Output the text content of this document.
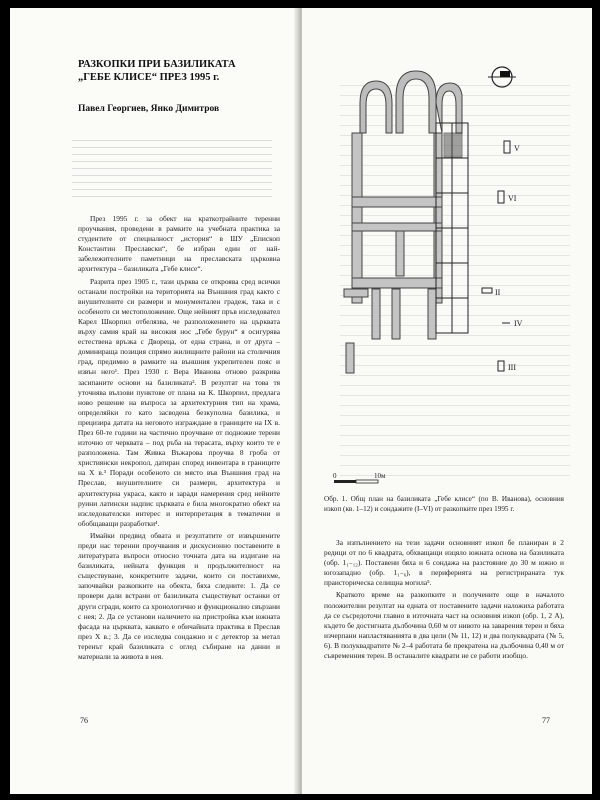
РАЗКОПКИ ПРИ БАЗИЛИКАТА
„ГЕБЕ КЛИСЕ“ ПРЕЗ 1995 г.
Павел Георгиев, Янко Димитров

През 1995 г. за обект на краткотрайните теренни проучвания, проведени в рамките на учебната практика за студентите от специалност „история“ в ШУ „Епископ Константин Преславски“, бе избран един от най-забележителните паметници на преславската църковна архитектура – базиликата „Гебе клисе“.

Разрита през 1905 г., тази църква се откроява сред всички останали постройки на територията на Външния град както с внушителните си размери и монументален градеж, така и с особеното си местоположение. Още нейният пръв изследовател Карел Шкорпил отбелязва, че разположението на църквата върху самия край на високия нос „Гебе бурун“ я осигурява естествена връзка с Двореца, от една страна, и от друга – доминираща позиция спрямо жилищните райони на столичния град, предимно в рамките на външния укрепителен пояс и извън него¹. През 1930 г. Вера Иванова отново разкрива засипаните основи на базиликата². В резултат на това тя уточнява вълзови пунктове от плана на К. Шкорпил, предлага ново решение на въпроса за архитектурния тип на храма, определяйки го като засводена безкуполна базилика, и прецизира датата на неговото изграждане в границите на IX в. През 60-те години на частично проучване от подножие терени източно от черквата – под ръба на терасата, върху които те е разположена. Там Живка Въжарова проучва 8 гроба от християнски некропол, датиран според инвентара в границите на X в.³ Поради особеното си място във Външния град на Преслав, внушителните си размери, архитектура и архитектурна украса, както и заради намерения сред нейните руини латински надпис църквата е била многократно обект на изследователски интерес и интерпретация в тематични и обобщаващи разработки⁴.

Имайки предвид обвата и резултатите от извършените преди нас теренни проучвания и дискусионно поставените в литературата въпроси относно точната дата на издигане на базиликата, нейната функция и продължителност на съществуване, конкретните задачи, които си поставихме, започвайки разкопките на обекта, бяха следните: 1. Да се провери дали встрани от базиликата съществуват останки от други сгради, които са хронологично и функционално свързани с нея; 2. Да се установи наличието на пристройка към южната фасада на църквата, каквато е обичайната практика в Преслав през X в.; 3. Да се изследва сондажно и с детектор за метал теренът край базиликата с оглед събиране на данни и материали за живота в нея.

76
V
VI
II
III
IV
0	10м
Обр. 1. Общ план на базиликата „Гебе клисе“ (по В. Иванова), основния изкоп (кв. 1–12) и сондажите (I–VI) от разкопките през 1995 г.

За изпълнението на тези задачи основният изкоп бе планиран в 2 редици от по 6 квадрата, обхващащи изцяло южната основа на базиликата (обр. 1₁₋₁₂). Поставени бяха и 6 сондажа на разстояние до 30 м южно и югозападно (обр. 1₁₋₆), в периферията на регистрираната тук праисторическа селищна могила⁵.

Краткото време на разкопките и получените още в началото положителни резултат на едната от поставените задачи наложиха работата да се съсредоточи главно в източната част на основния изкоп (обр. 1, 2 А), където бе достигната дълбочина 0,60 м от нивото на заварения терен и бяха изчерпани напластяванията в два цели (№ 11, 12) и два полуквадрата (№ 5, 6). В полуквадратите № 2–4 работата бе прекратена на дълбочина 0,40 м от съвременния терен. В останалите квадрати не се работи изобщо.

77
